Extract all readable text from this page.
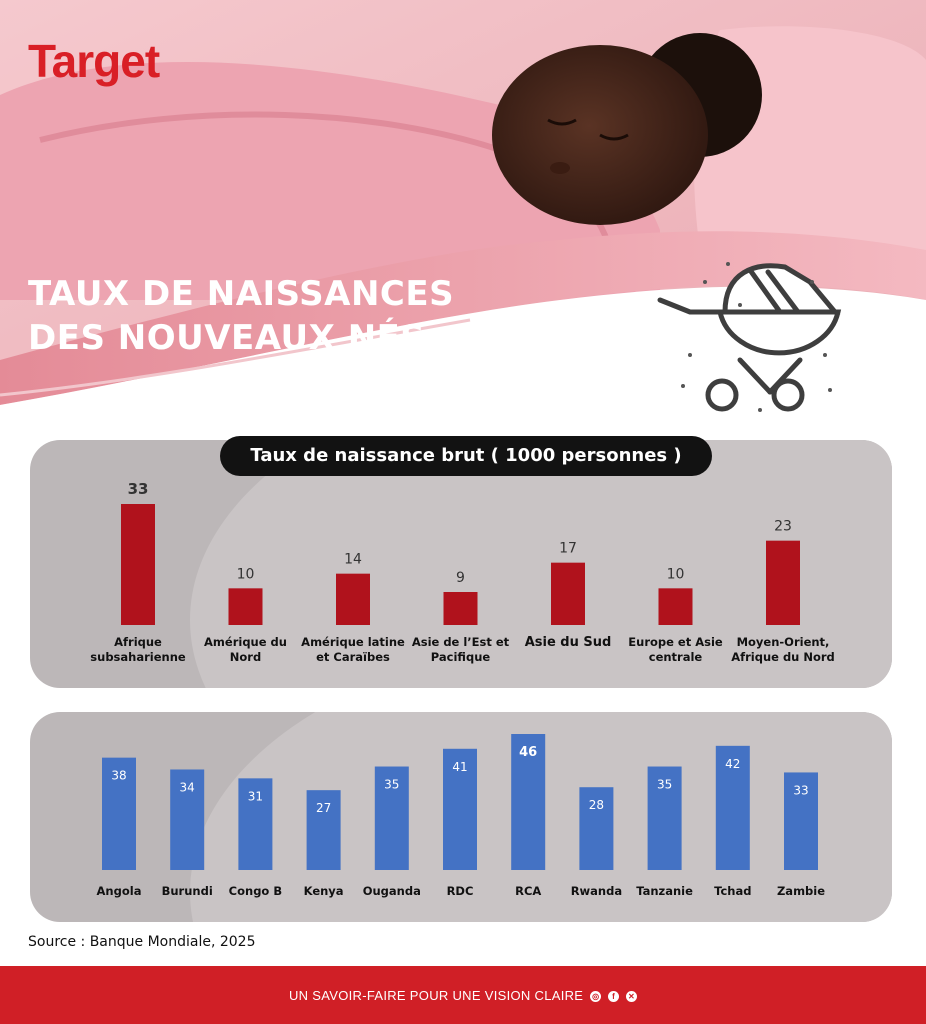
Target
TAUX DE NAISSANCES
DES NOUVEAUX NÉS
Taux de naissance brut ( 1000 personnes )
33
Afrique
subsaharienne
10
Amérique du
Nord
14
Amérique latine
et Caraïbes
9
Asie de l’Est et
Pacifique
17
Asie du Sud
10
Europe et Asie
centrale
23
Moyen-Orient,
Afrique du Nord
38
Angola
34
Burundi
31
Congo B
27
Kenya
35
Ouganda
41
RDC
46
RCA
28
Rwanda
35
Tanzanie
42
Tchad
33
Zambie
Source : Banque Mondiale, 2025
UN SAVOIR-FAIRE POUR UNE VISION CLAIRE ◎ f ✕
